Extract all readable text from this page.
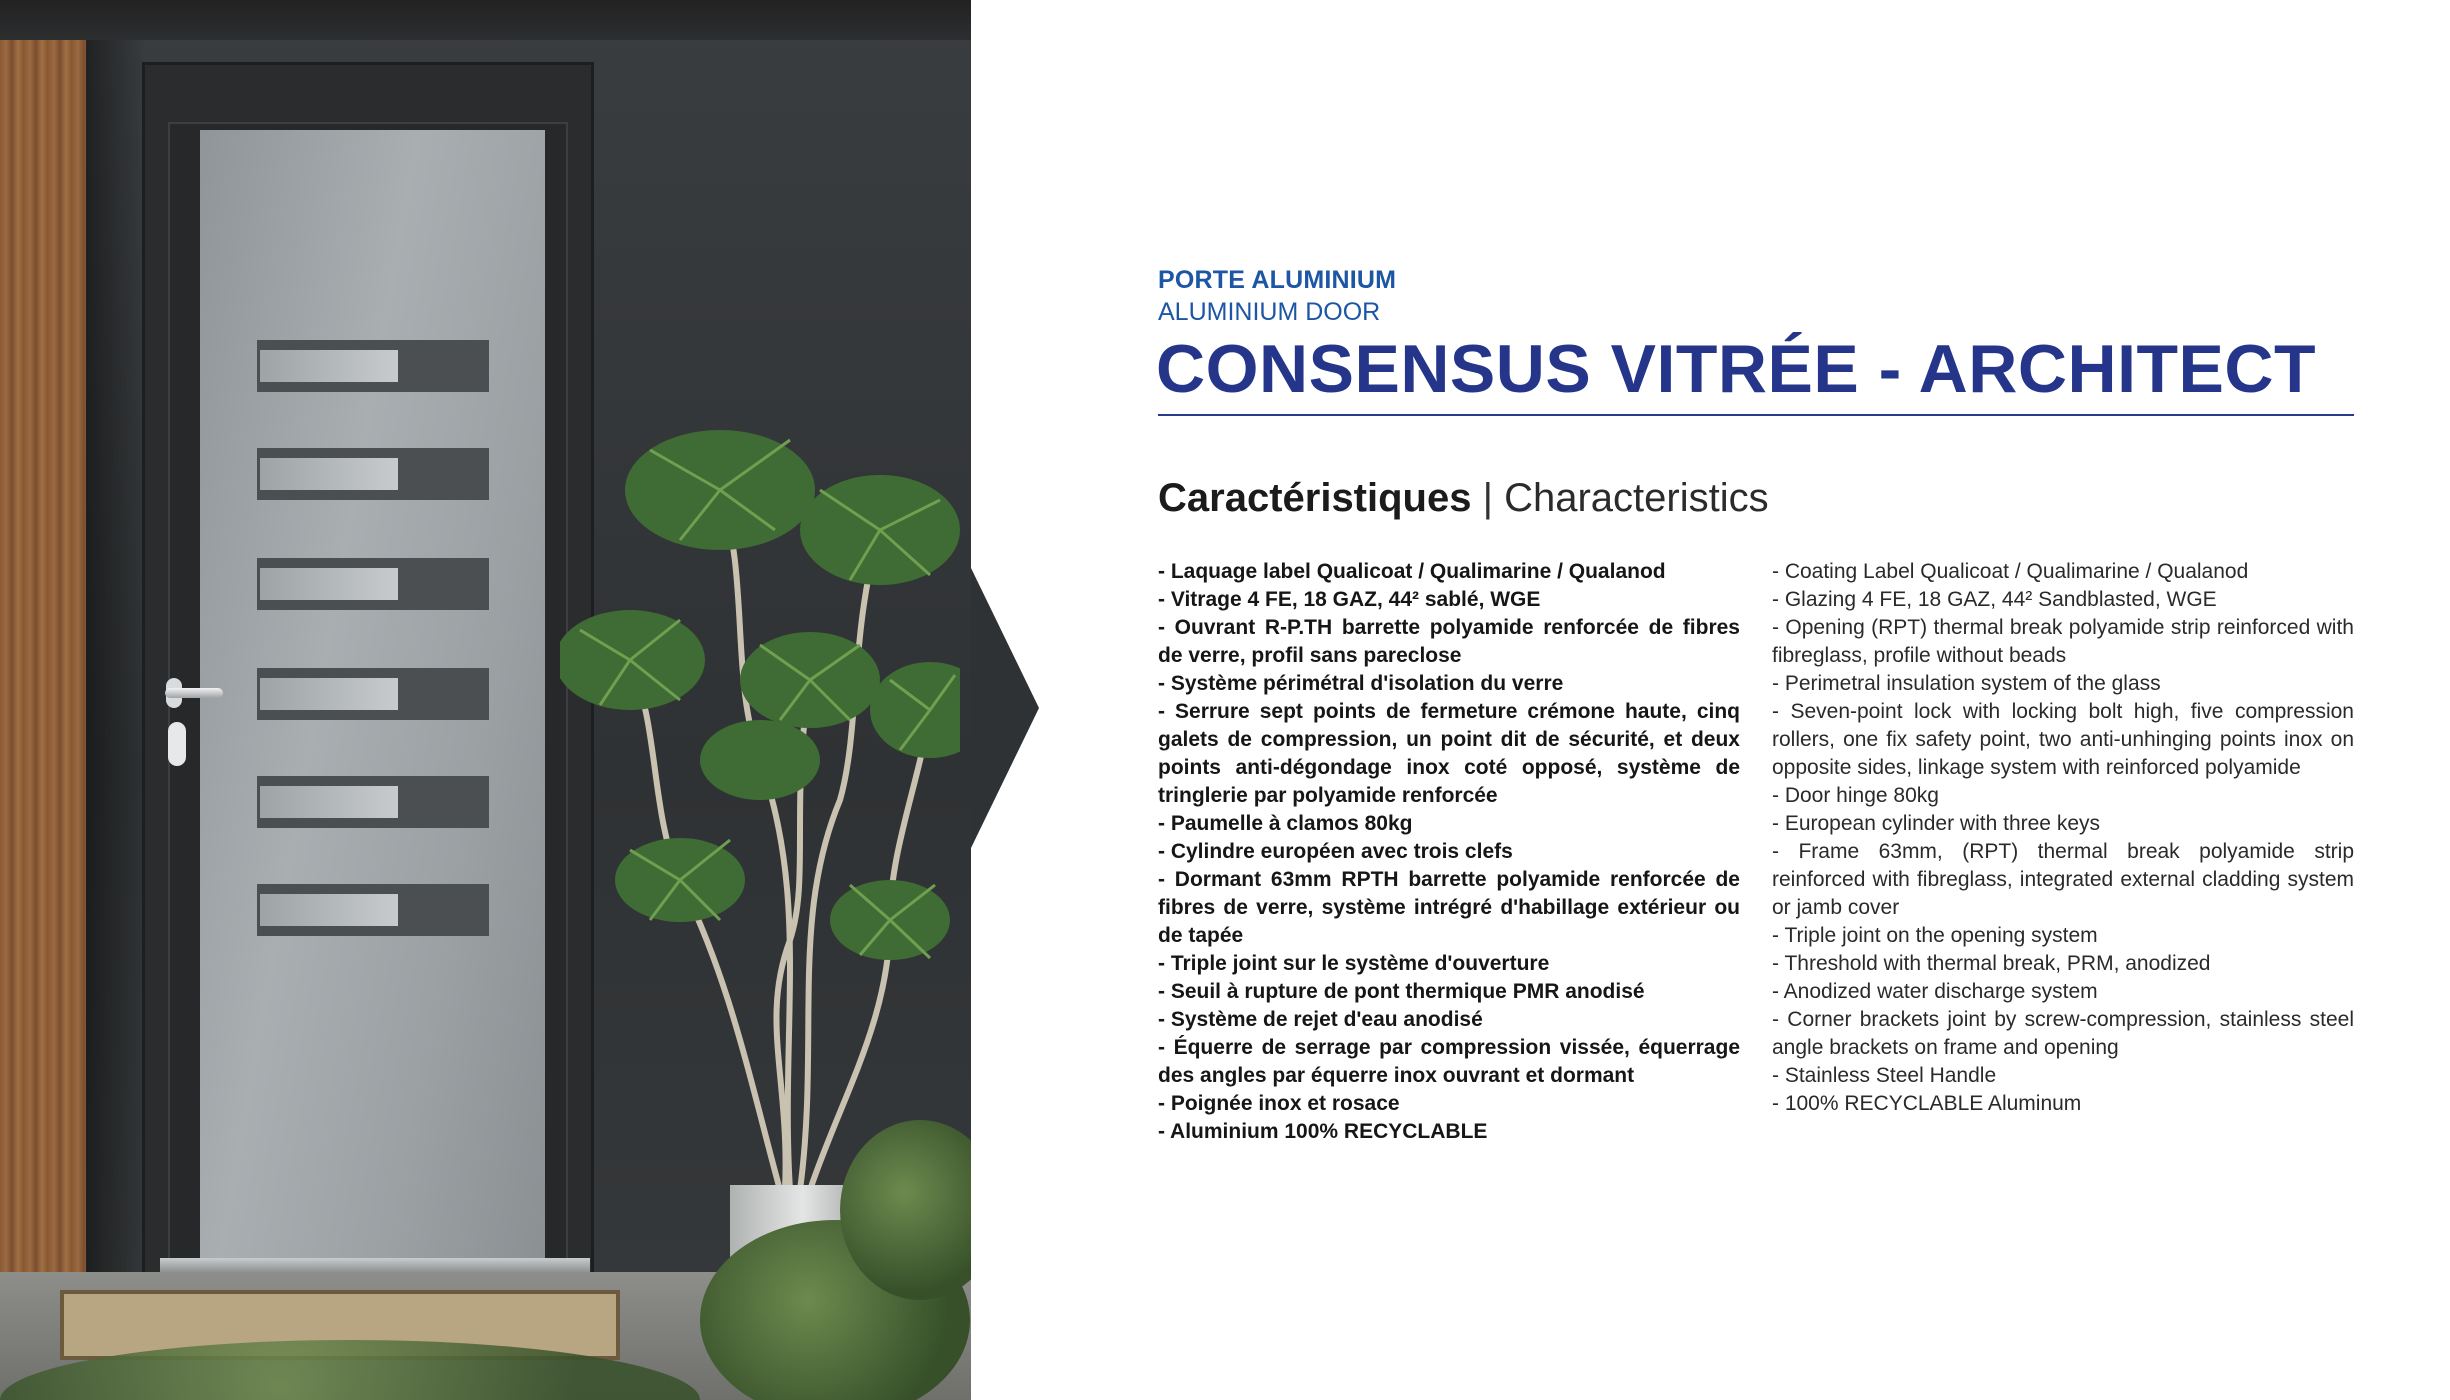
PORTE ALUMINIUM

ALUMINIUM DOOR

CONSENSUS VITRÉE - ARCHITECT
Caractéristiques | Characteristics
- Laquage label Qualicoat / Qualimarine / Qualanod
- Vitrage 4 FE, 18 GAZ, 44² sablé, WGE
- Ouvrant R-P.TH barrette polyamide renforcée de fibres de verre, profil sans pareclose
- Système périmétral d'isolation du verre
- Serrure sept points de fermeture crémone haute, cinq galets de compression, un point dit de sécurité, et deux points anti-dégondage inox coté opposé, système de tringlerie par polyamide renforcée
- Paumelle à clamos 80kg
- Cylindre européen avec trois clefs
- Dormant 63mm RPTH barrette polyamide renforcée de fibres de verre, système intrégré d'habillage extérieur ou de tapée
- Triple joint sur le système d'ouverture
- Seuil à rupture de pont thermique PMR anodisé
- Système de rejet d'eau anodisé
- Équerre de serrage par compression vissée, équerrage des angles par équerre inox ouvrant et dormant
- Poignée inox et rosace
- Aluminium 100% RECYCLABLE
- Coating Label Qualicoat / Qualimarine / Qualanod
- Glazing 4 FE, 18 GAZ, 44² Sandblasted, WGE
- Opening (RPT) thermal break polyamide strip reinforced with fibreglass, profile without beads
- Perimetral insulation system of the glass
- Seven-point lock with locking bolt high, five compression rollers, one fix safety point, two anti-unhinging points inox on opposite sides, linkage system with reinforced polyamide
- Door hinge 80kg
- European cylinder with three keys
- Frame 63mm, (RPT) thermal break polyamide strip reinforced with fibreglass, integrated external cladding system or jamb cover
- Triple joint on the opening system
- Threshold with thermal break, PRM, anodized
- Anodized water discharge system
- Corner brackets joint by screw-compression, stainless steel angle brackets on frame and opening
- Stainless Steel Handle
- 100% RECYCLABLE Aluminum
